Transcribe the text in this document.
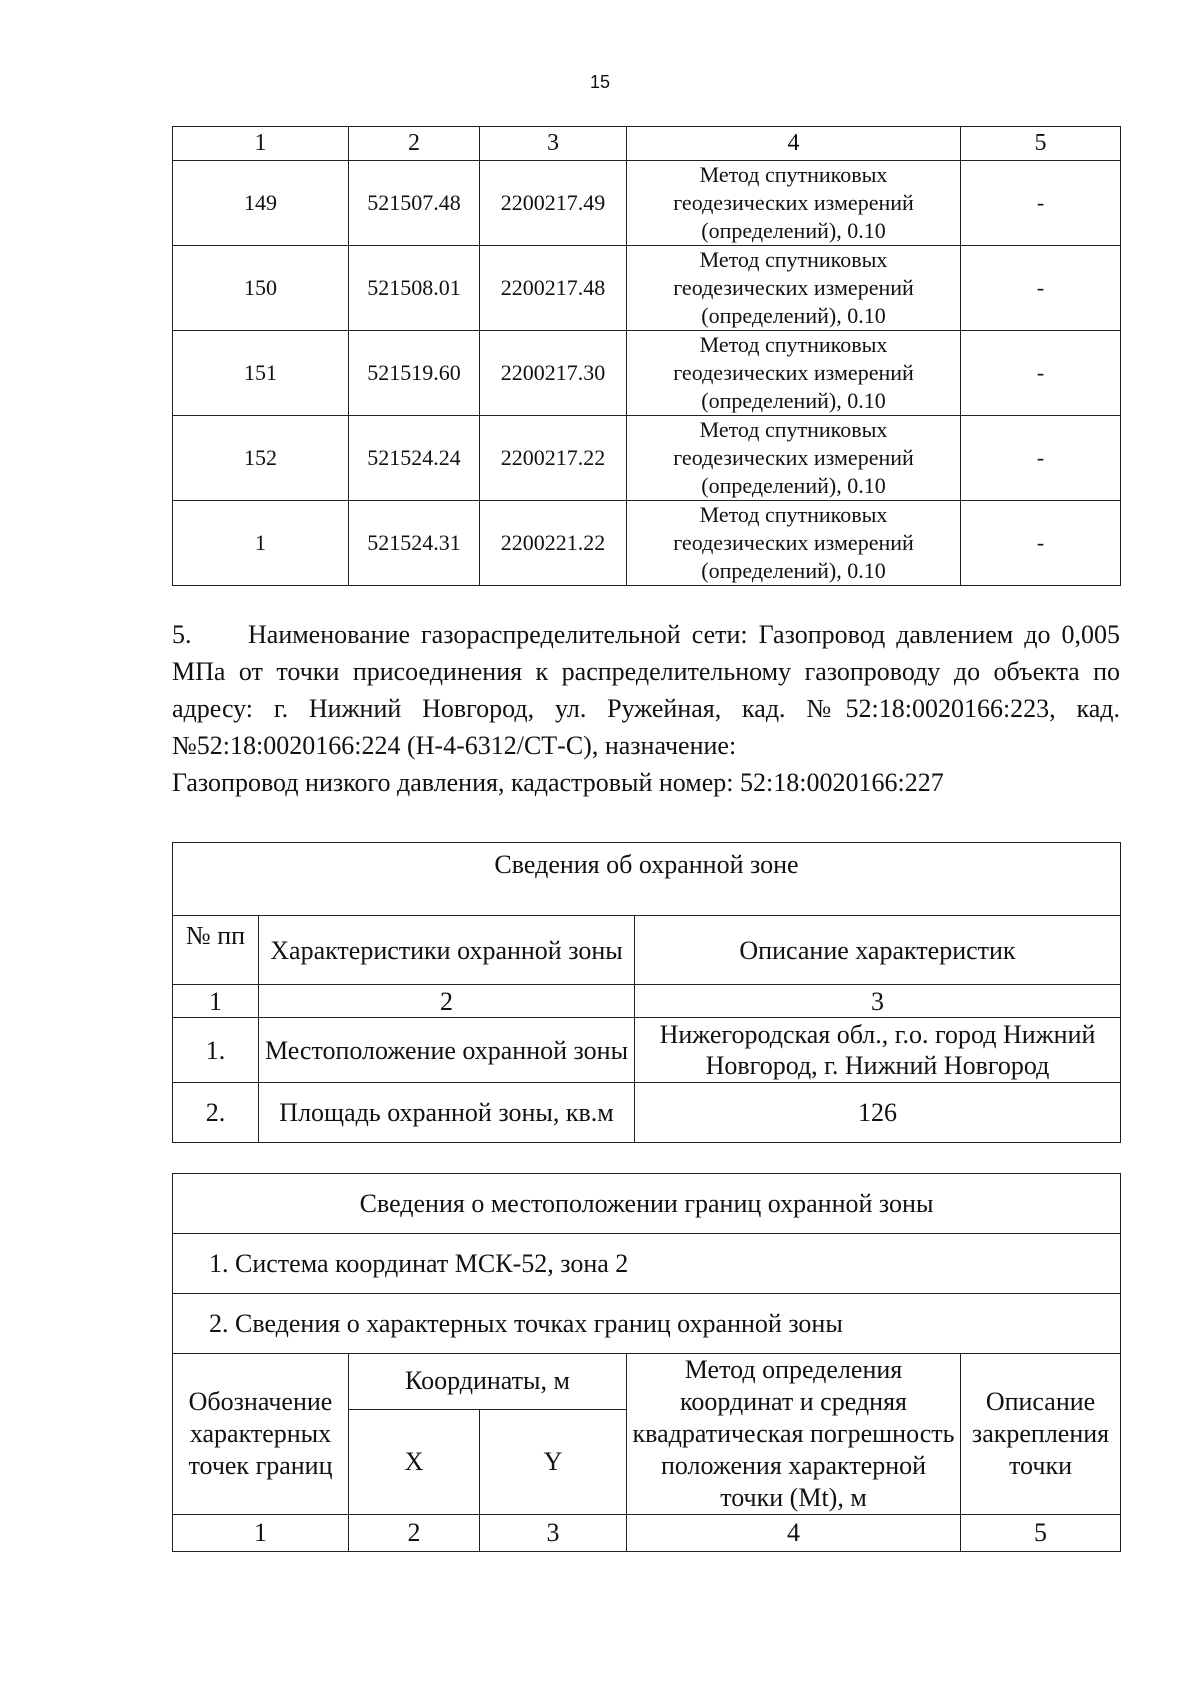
15
1	2	3	4	5
149	521507.48	2200217.49	Метод спутниковых
геодезических измерений
(определений), 0.10	-
150	521508.01	2200217.48	Метод спутниковых
геодезических измерений
(определений), 0.10	-
151	521519.60	2200217.30	Метод спутниковых
геодезических измерений
(определений), 0.10	-
152	521524.24	2200217.22	Метод спутниковых
геодезических измерений
(определений), 0.10	-
1	521524.31	2200221.22	Метод спутниковых
геодезических измерений
(определений), 0.10	-

5. Наименование газораспределительной сети: Газопровод давлением до 0,005 МПа от точки присоединения к распределительному газопроводу до объекта по адресу: г. Нижний Новгород, ул. Ружейная, кад. №52:18:0020166:223, кад. №52:18:0020166:224 (Н-4-6312/СТ-С), назначение:
Газопровод низкого давления, кадастровый номер: 52:18:0020166:227

Сведения об охранной зоне		
№ пп	Характеристики охранной зоны	Описание характеристик
1	2	3
1.	Местоположение охранной зоны	Нижегородская обл., г.о. город Нижний Новгород, г. Нижний Новгород
2.	Площадь охранной зоны, кв.м	126
Сведения о местоположении границ охранной зоны				
1. Система координат МСК-52, зона 2				
2. Сведения о характерных точках границ охранной зоны				
Обозначение характерных точек границ	Координаты, м		Метод определения координат и средняя квадратическая погрешность положения характерной точки (Mt), м	Описание закрепления точки
	X	Y		
1	2	3	4	5
